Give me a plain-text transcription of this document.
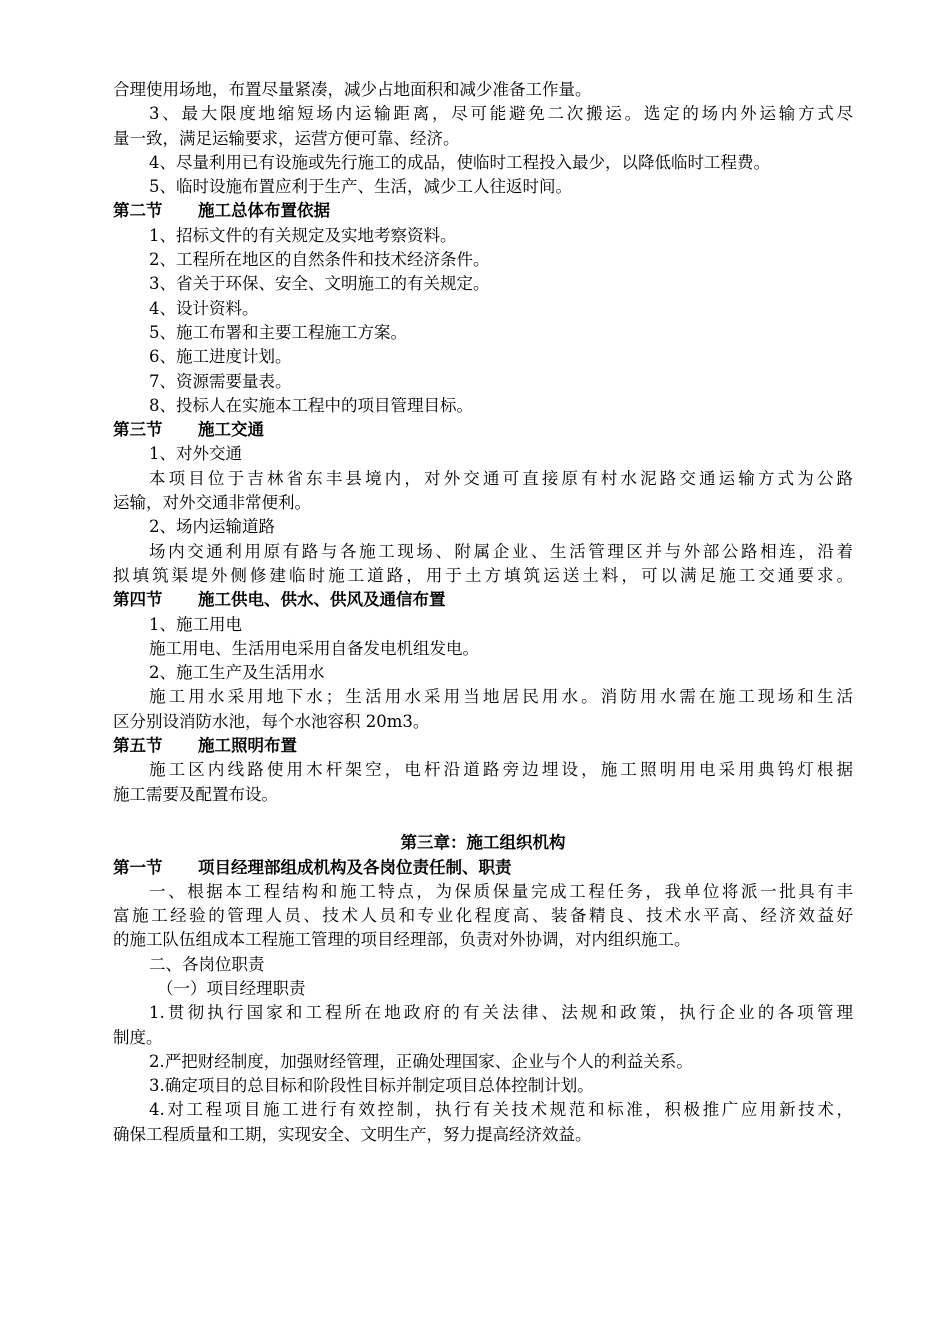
合理使用场地，布置尽量紧凑，减少占地面积和减少准备工作量。
3、最大限度地缩短场内运输距离，尽可能避免二次搬运。选定的场内外运输方式尽
量一致，满足运输要求，运营方便可靠、经济。
4、尽量利用已有设施或先行施工的成品，使临时工程投入最少，以降低临时工程费。
5、临时设施布置应利于生产、生活，减少工人往返时间。
第二节 施工总体布置依据
1、招标文件的有关规定及实地考察资料。
2、工程所在地区的自然条件和技术经济条件。
3、省关于环保、安全、文明施工的有关规定。
4、设计资料。
5、施工布署和主要工程施工方案。
6、施工进度计划。
7、资源需要量表。
8、投标人在实施本工程中的项目管理目标。
第三节 施工交通
1、对外交通
本项目位于吉林省东丰县境内，对外交通可直接原有村水泥路交通运输方式为公路
运输，对外交通非常便利。
2、场内运输道路
场内交通利用原有路与各施工现场、附属企业、生活管理区并与外部公路相连，沿着
拟填筑渠堤外侧修建临时施工道路，用于土方填筑运送土料，可以满足施工交通要求。
第四节 施工供电、供水、供风及通信布置
1、施工用电
施工用电、生活用电采用自备发电机组发电。
2、施工生产及生活用水
施工用水采用地下水；生活用水采用当地居民用水。消防用水需在施工现场和生活
区分别设消防水池，每个水池容积 20m3。
第五节 施工照明布置
施工区内线路使用木杆架空，电杆沿道路旁边埋设，施工照明用电采用典钨灯根据
施工需要及配置布设。
第三章：施工组织机构
第一节 项目经理部组成机构及各岗位责任制、职责
一、根据本工程结构和施工特点，为保质保量完成工程任务，我单位将派一批具有丰
富施工经验的管理人员、技术人员和专业化程度高、装备精良、技术水平高、经济效益好
的施工队伍组成本工程施工管理的项目经理部，负责对外协调，对内组织施工。
二、各岗位职责
（一）项目经理职责
1.贯彻执行国家和工程所在地政府的有关法律、法规和政策，执行企业的各项管理
制度。
2.严把财经制度，加强财经管理，正确处理国家、企业与个人的利益关系。
3.确定项目的总目标和阶段性目标并制定项目总体控制计划。
4.对工程项目施工进行有效控制，执行有关技术规范和标准，积极推广应用新技术，
确保工程质量和工期，实现安全、文明生产，努力提高经济效益。
